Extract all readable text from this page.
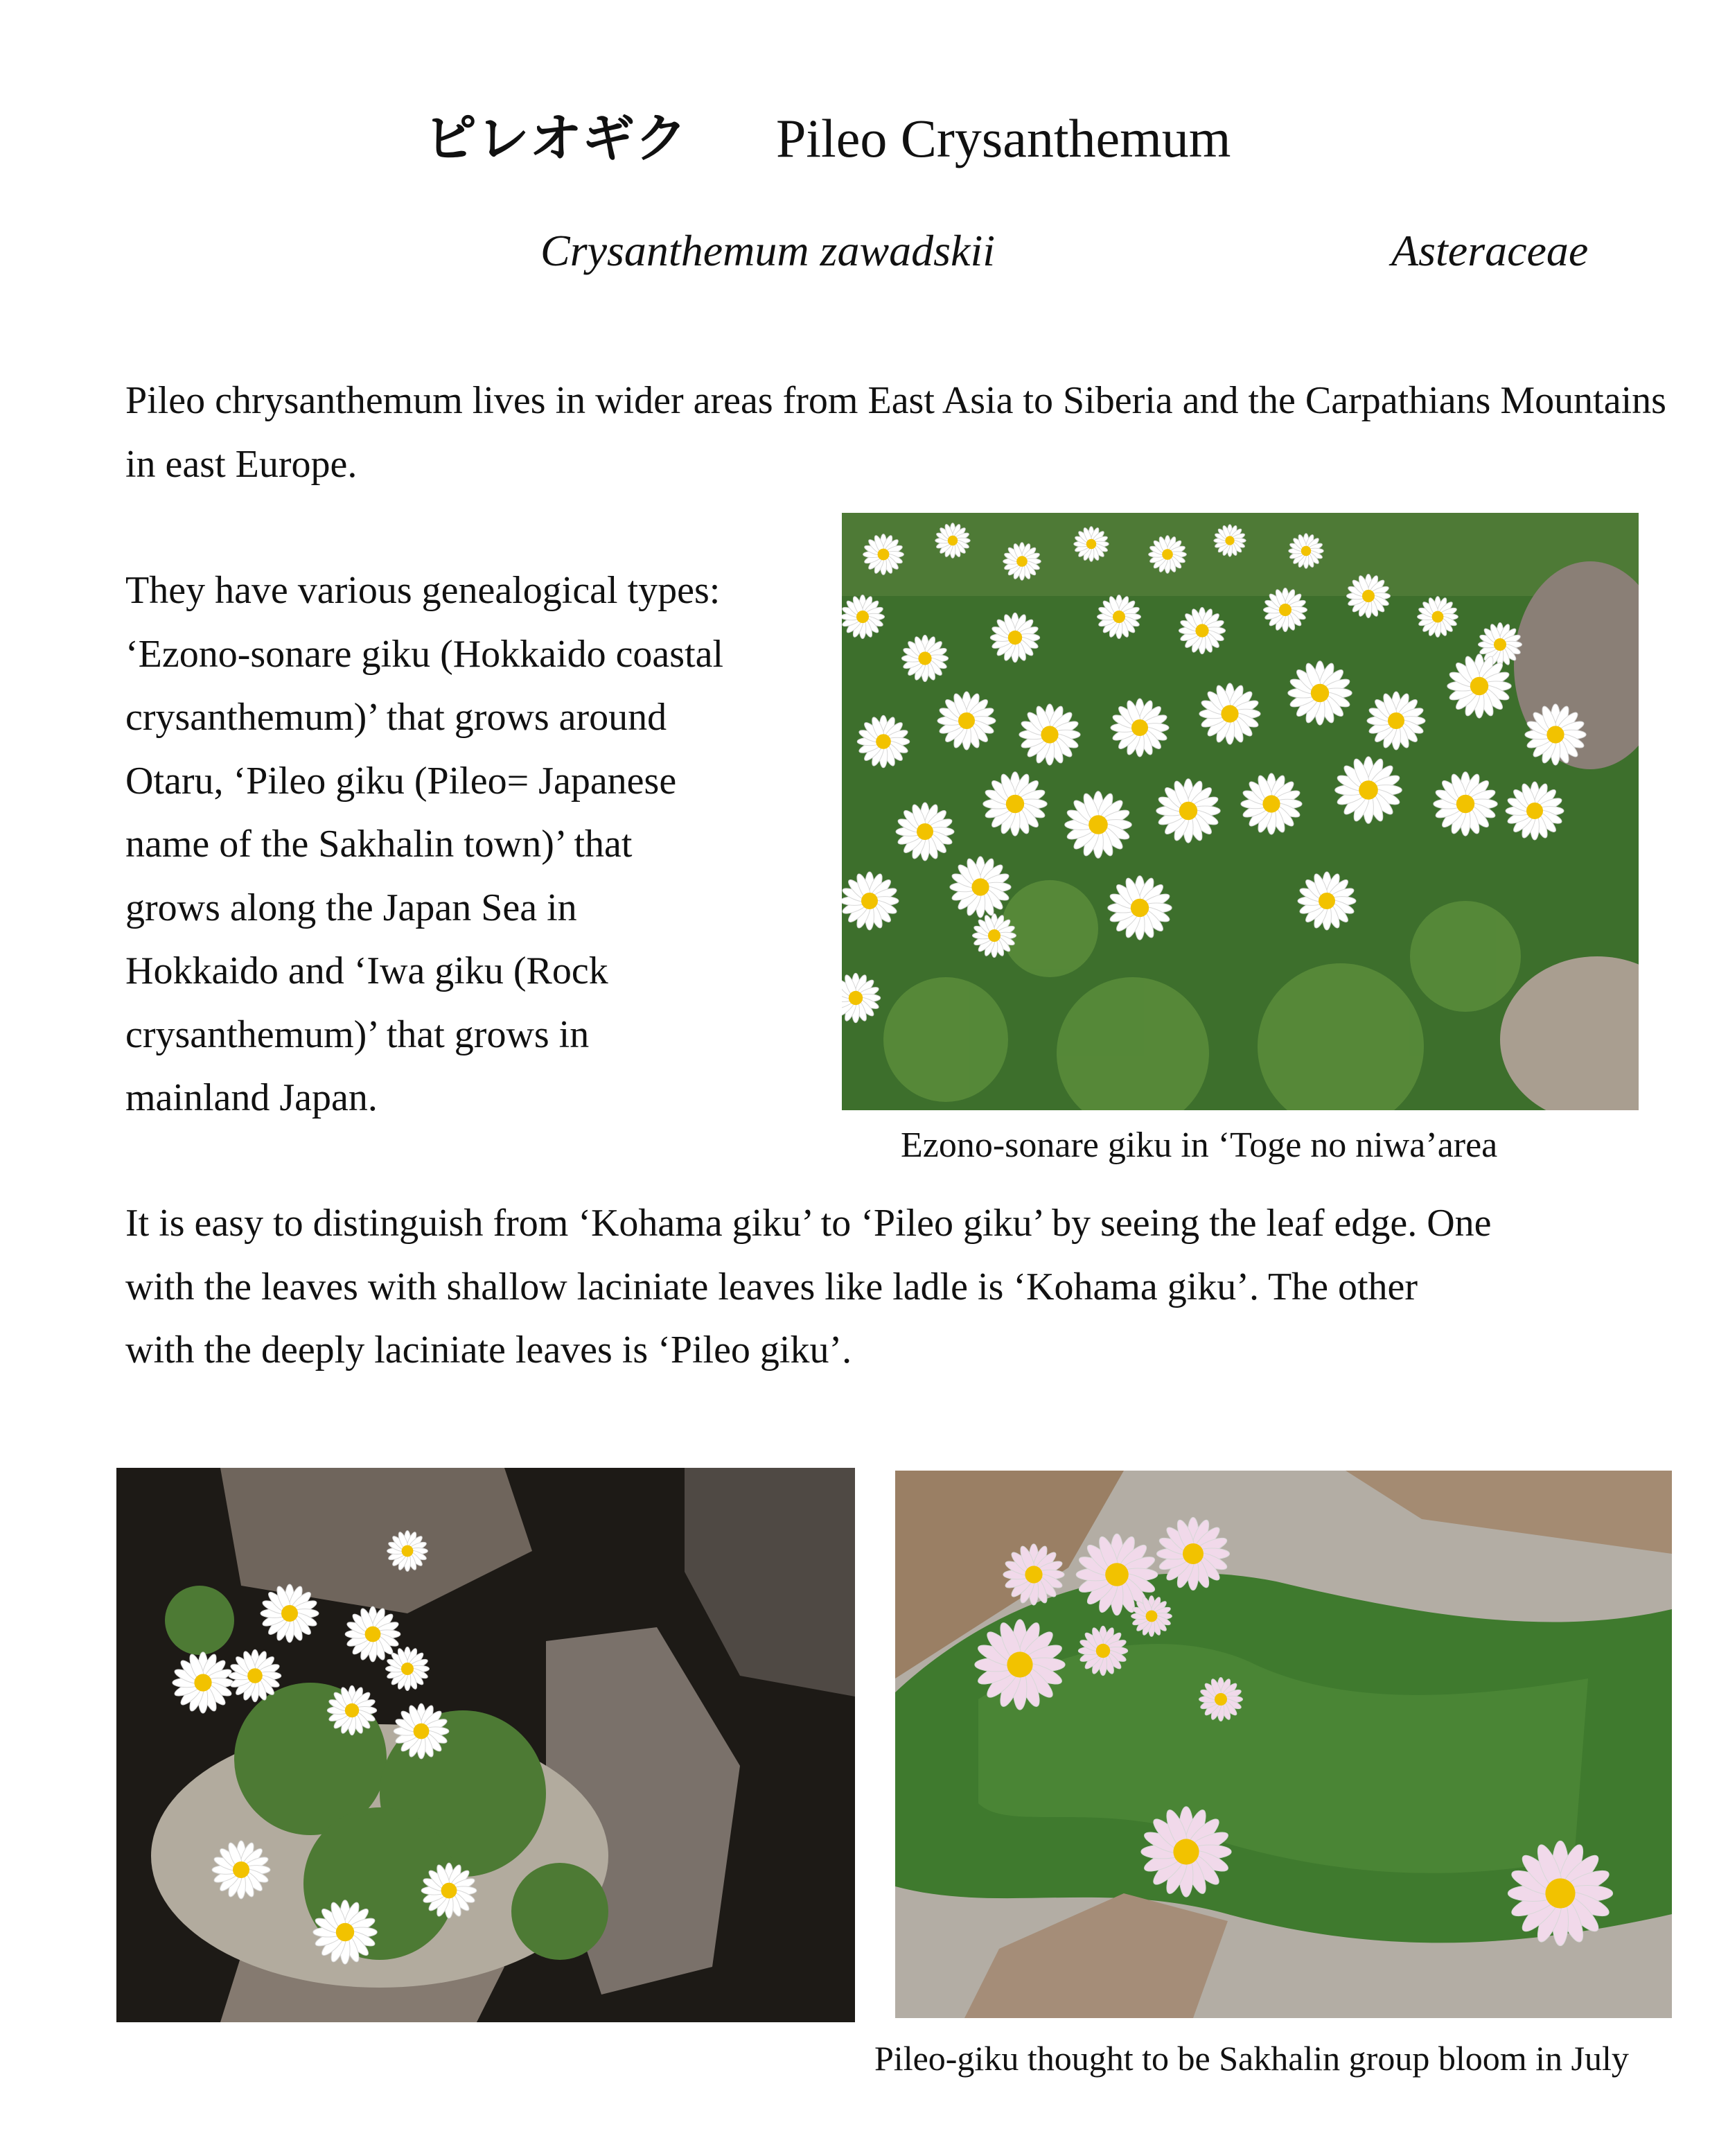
ピレオギク Pileo Crysanthemum
Crysanthemum zawadskii	Asteraceae

Pileo chrysanthemum lives in wider areas from East Asia to Siberia and the Carpathians Mountains in east Europe.

They have various genealogical types:
‘Ezono-sonare giku (Hokkaido coastal
crysanthemum)’ that grows around
Otaru, ‘Pileo giku (Pileo= Japanese
name of the Sakhalin town)’ that
grows along the Japan Sea in
Hokkaido and ‘Iwa giku (Rock
crysanthemum)’ that grows in
mainland Japan.
Ezono-sonare giku in ‘Toge no niwa’area
It is easy to distinguish from ‘Kohama giku’ to ‘Pileo giku’ by seeing the leaf edge. One
with the leaves with shallow laciniate leaves like ladle is ‘Kohama giku’. The other
with the deeply laciniate leaves is ‘Pileo giku’.
Pileo-giku thought to be Sakhalin group bloom in July
